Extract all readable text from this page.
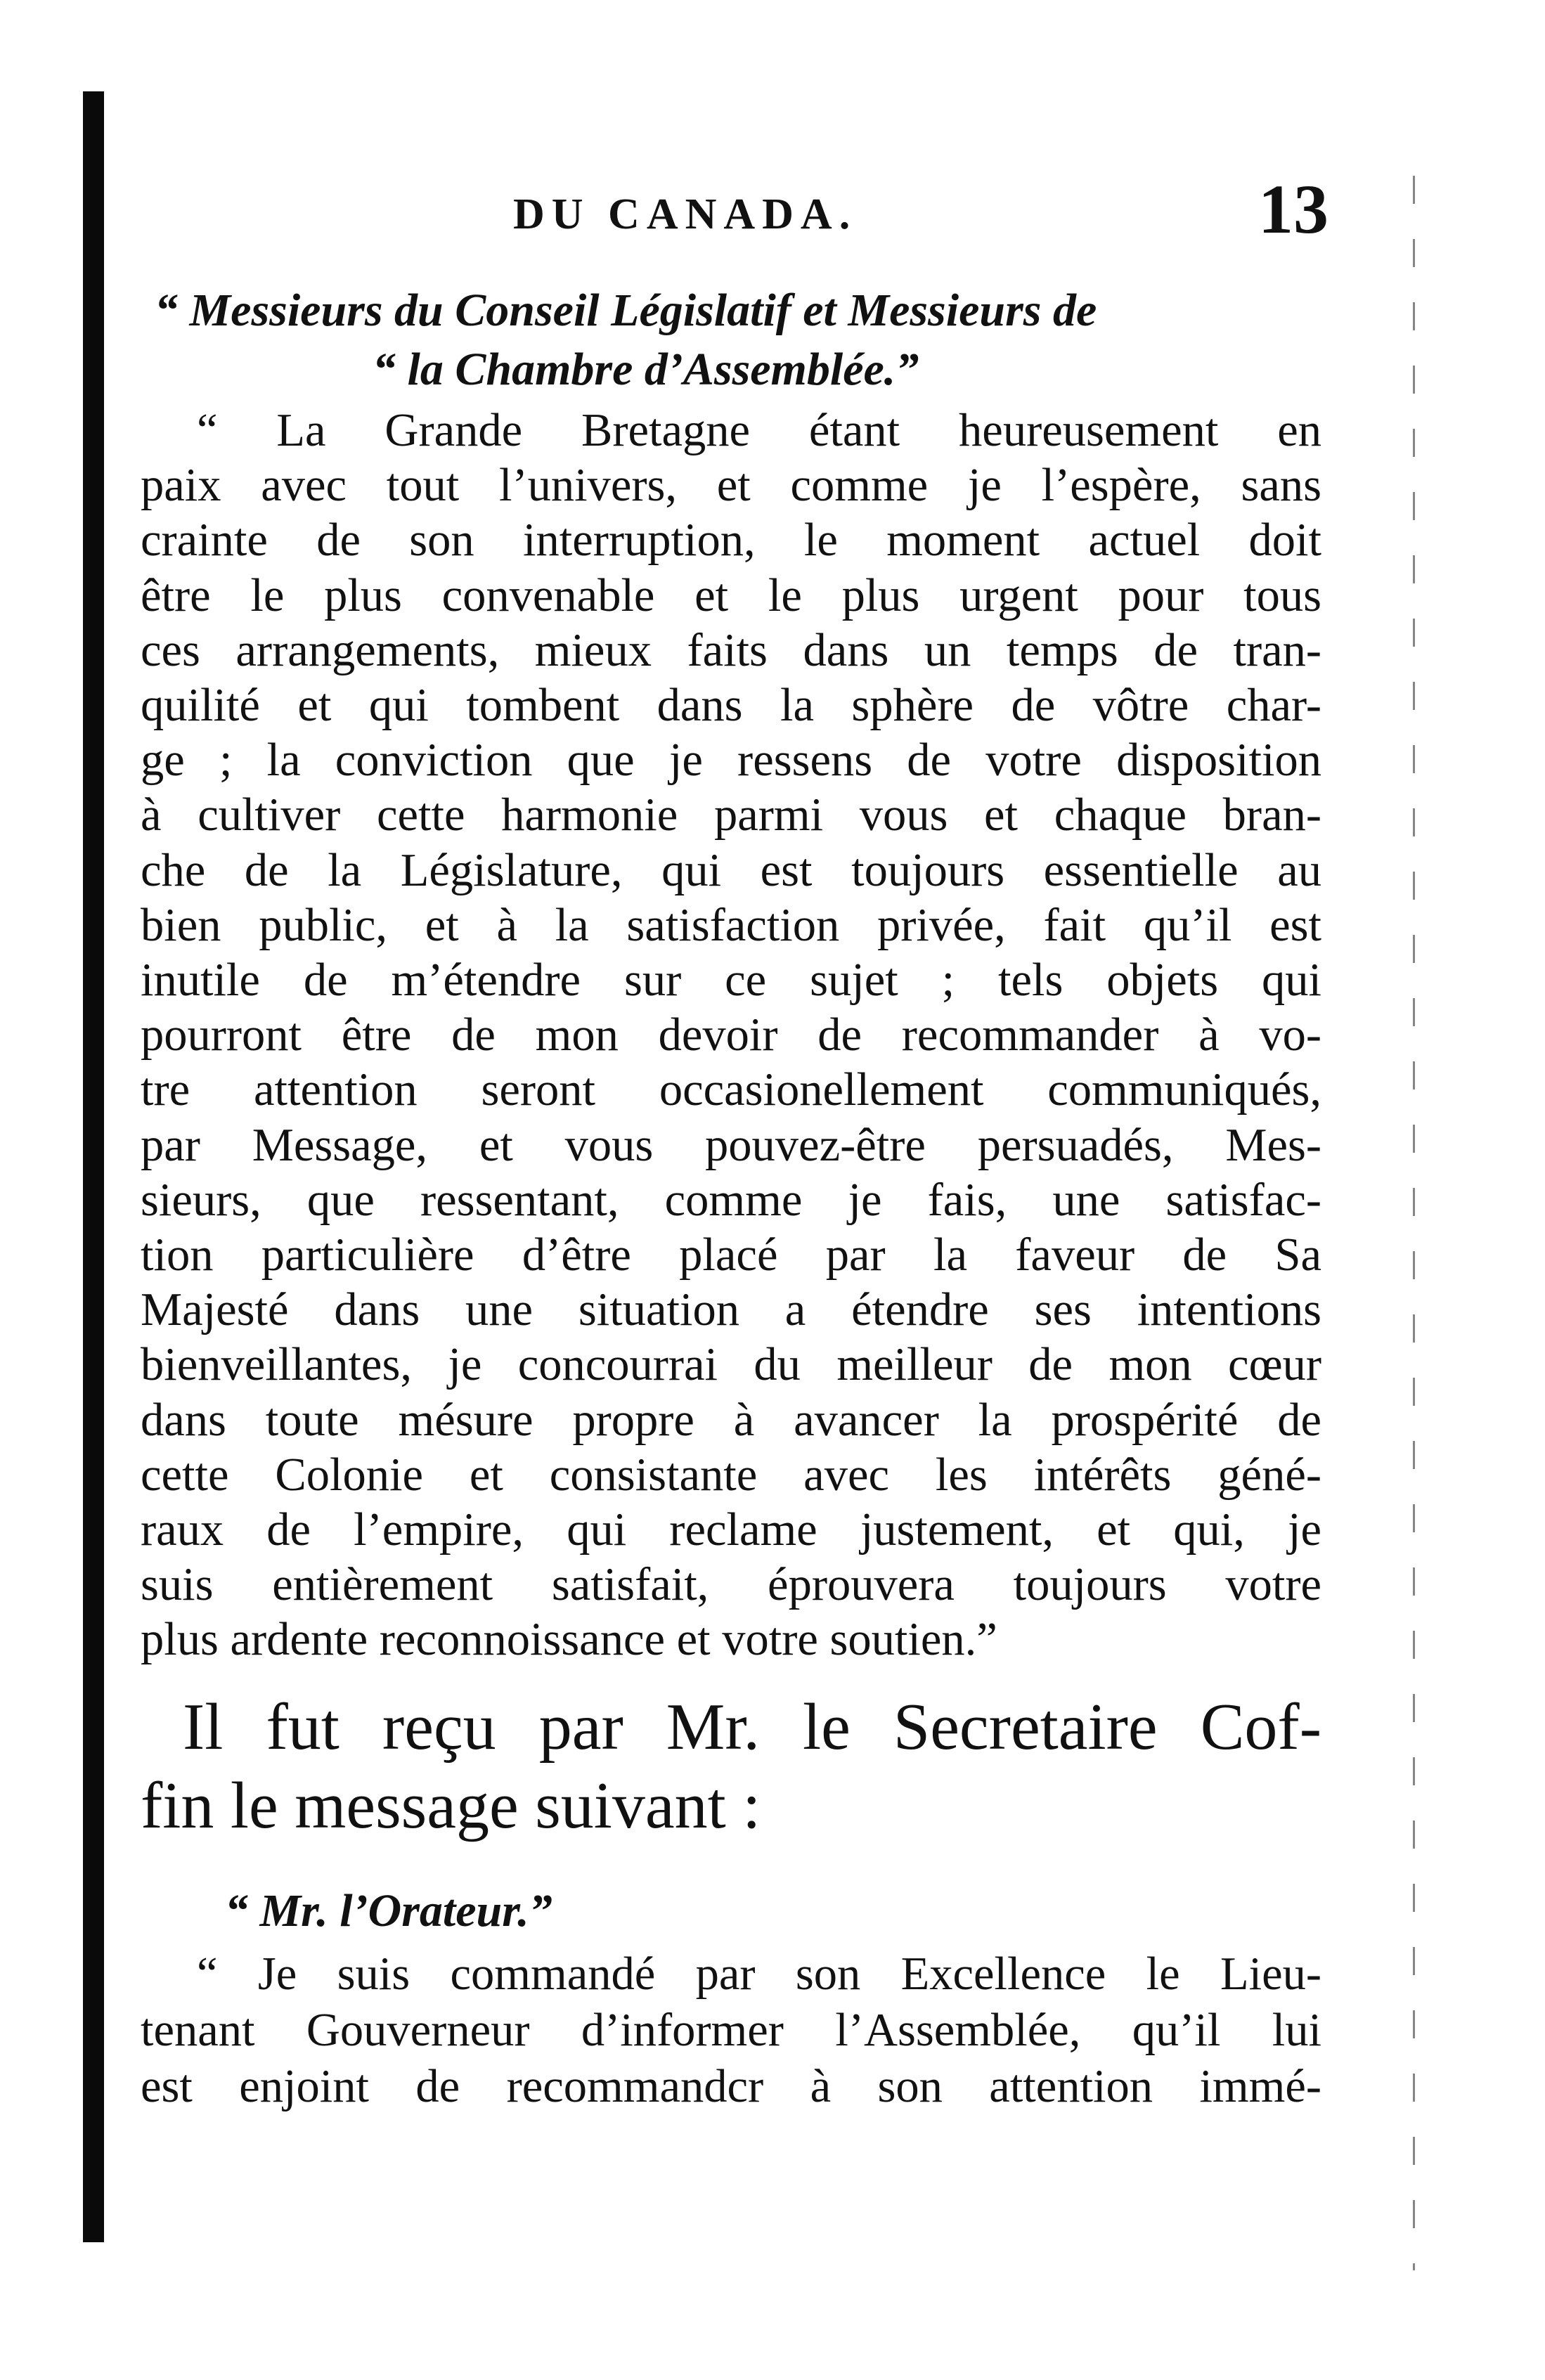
DU CANADA.	13
“ Messieurs du Conseil Législatif et Messieurs de
“ la Chambre d’Assemblée.”
“ La Grande Bretagne étant heureusement en
paix avec tout l’univers, et comme je l’espère, sans
crainte de son interruption, le moment actuel doit
être le plus convenable et le plus urgent pour tous
ces arrangements, mieux faits dans un temps de tran-
quilité et qui tombent dans la sphère de vôtre char-
ge ; la conviction que je ressens de votre disposition
à cultiver cette harmonie parmi vous et chaque bran-
che de la Législature, qui est toujours essentielle au
bien public, et à la satisfaction privée, fait qu’il est
inutile de m’étendre sur ce sujet ; tels objets qui
pourront être de mon devoir de recommander à vo-
tre attention seront occasionellement communiqués,
par Message, et vous pouvez-être persuadés, Mes-
sieurs, que ressentant, comme je fais, une satisfac-
tion particulière d’être placé par la faveur de Sa
Majesté dans une situation a étendre ses intentions
bienveillantes, je concourrai du meilleur de mon cœur
dans toute mésure propre à avancer la prospérité de
cette Colonie et consistante avec les intérêts géné-
raux de l’empire, qui reclame justement, et qui, je
suis entièrement satisfait, éprouvera toujours votre
plus ardente reconnoissance et votre soutien.”
Il fut reçu par Mr. le Secretaire Cof-
fin le message suivant :
“ Mr. l’Orateur.”
“ Je suis commandé par son Excellence le Lieu-
tenant Gouverneur d’informer l’Assemblée, qu’il lui
est enjoint de recommandcr à son attention immé-
